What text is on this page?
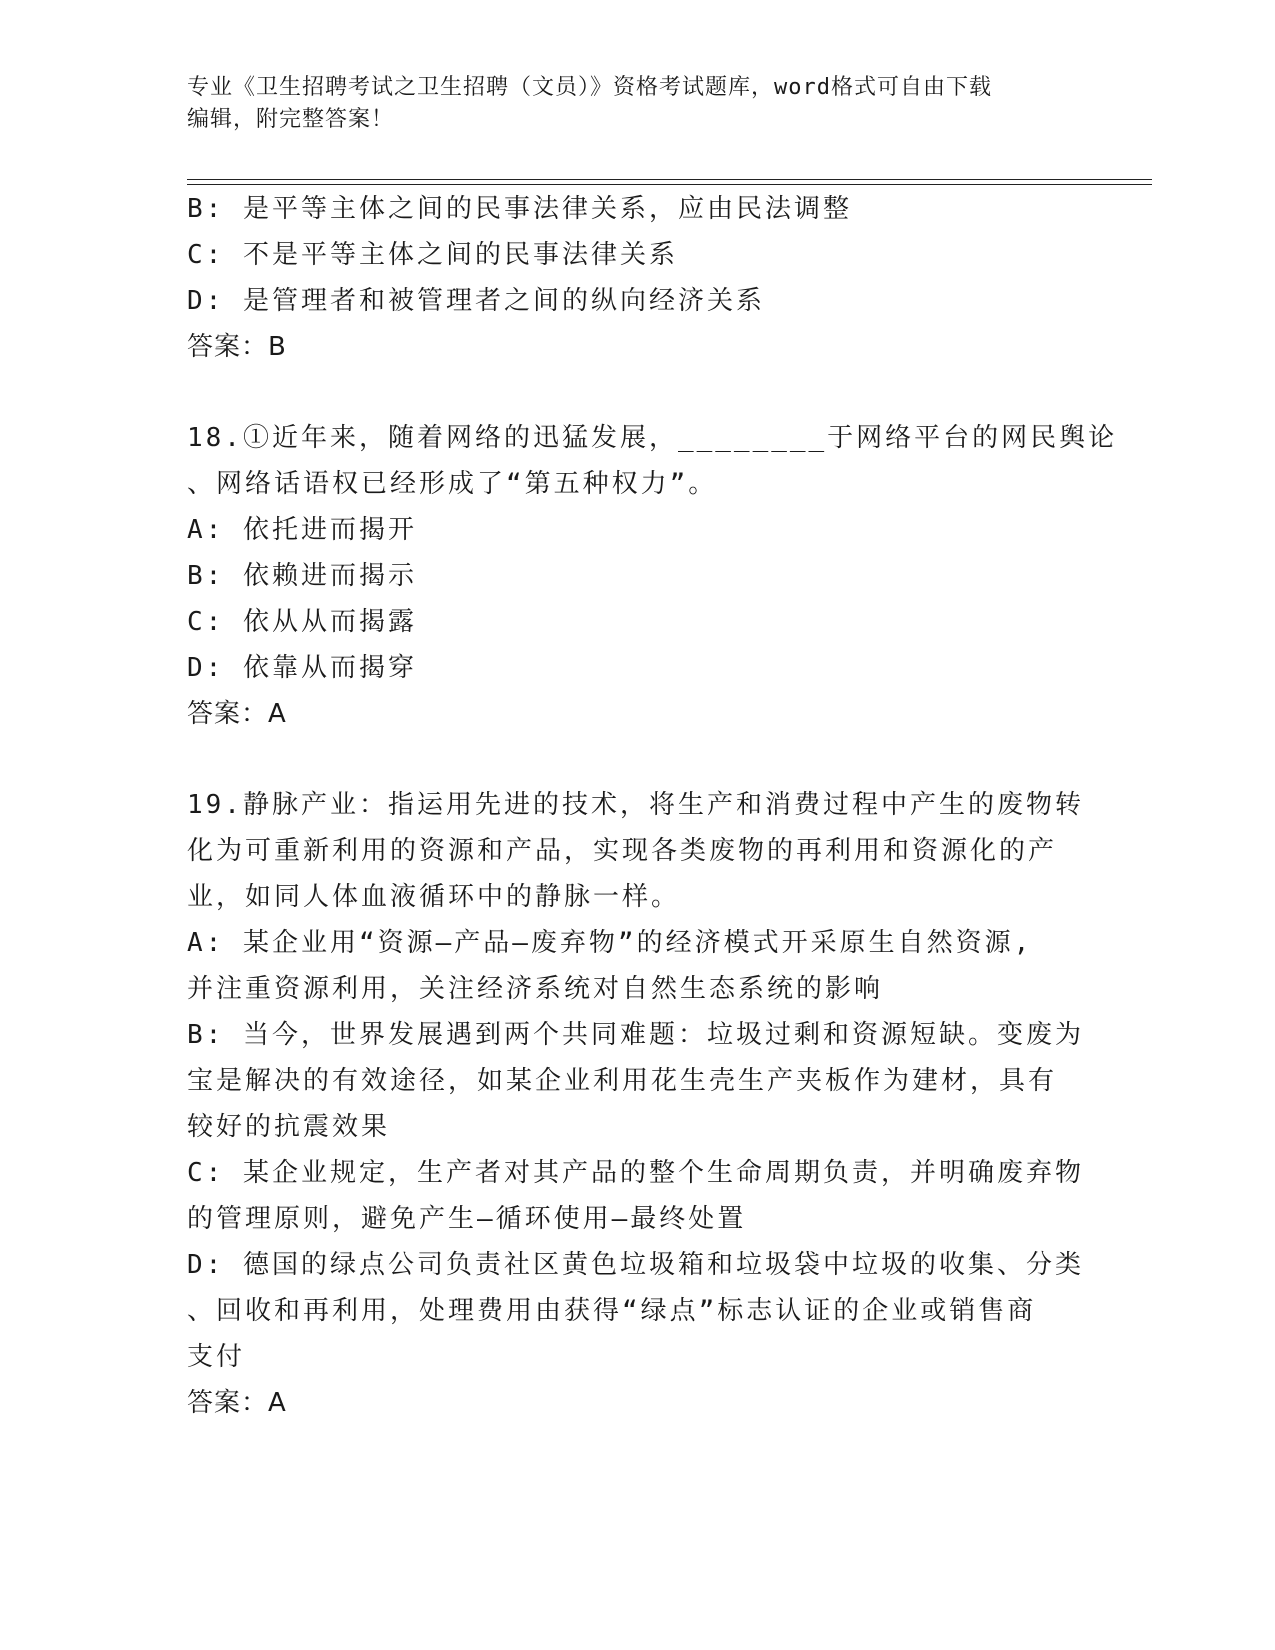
专业《卫生招聘考试之卫生招聘（文员）》资格考试题库，word格式可自由下载
编辑，附完整答案！
B: 是平等主体之间的民事法律关系，应由民法调整
C: 不是平等主体之间的民事法律关系
D: 是管理者和被管理者之间的纵向经济关系
答案：B
18.①近年来，随着网络的迅猛发展，________于网络平台的网民舆论
、网络话语权已经形成了“第五种权力”。
A: 依托进而揭开
B: 依赖进而揭示
C: 依从从而揭露
D: 依靠从而揭穿
答案：A
19.静脉产业：指运用先进的技术，将生产和消费过程中产生的废物转
化为可重新利用的资源和产品，实现各类废物的再利用和资源化的产
业，如同人体血液循环中的静脉一样。
A: 某企业用“资源—产品—废弃物”的经济模式开采原生自然资源,
并注重资源利用，关注经济系统对自然生态系统的影响
B: 当今，世界发展遇到两个共同难题：垃圾过剩和资源短缺。变废为
宝是解决的有效途径，如某企业利用花生壳生产夹板作为建材，具有
较好的抗震效果
C: 某企业规定，生产者对其产品的整个生命周期负责，并明确废弃物
的管理原则，避免产生—循环使用—最终处置
D: 德国的绿点公司负责社区黄色垃圾箱和垃圾袋中垃圾的收集、分类
、回收和再利用，处理费用由获得“绿点”标志认证的企业或销售商
支付
答案：A
